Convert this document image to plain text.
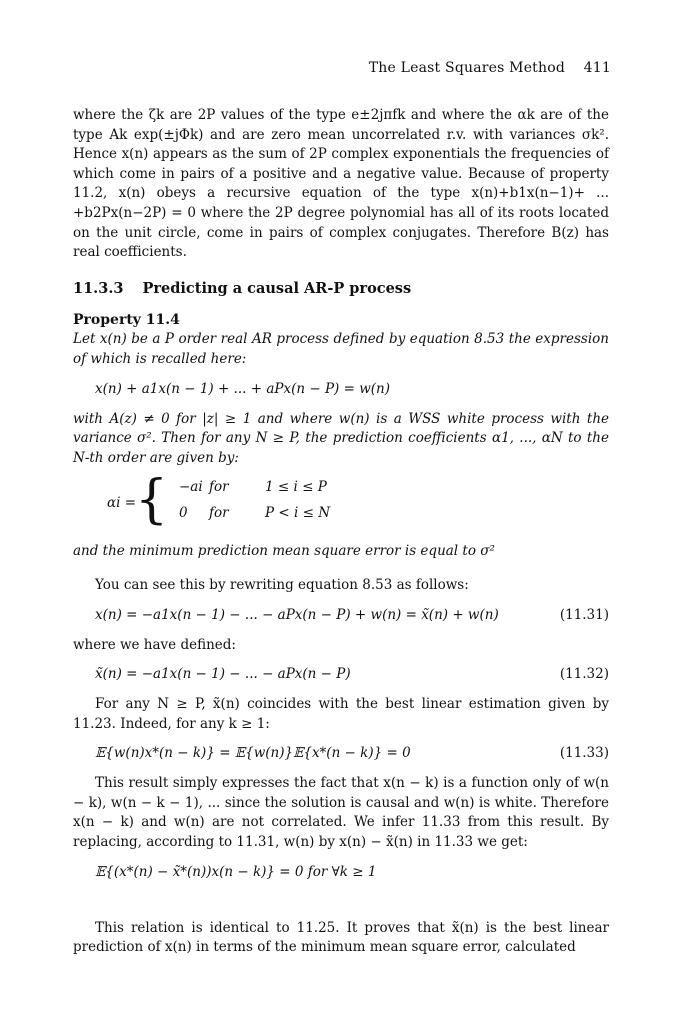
The Least Squares Method 411

where the ζk are 2P values of the type e±2jπfk and where the αk are of the type Ak exp(±jΦk) and are zero mean uncorrelated r.v. with variances σk². Hence x(n) appears as the sum of 2P complex exponentials the frequencies of which come in pairs of a positive and a negative value. Because of property 11.2, x(n) obeys a recursive equation of the type x(n)+b1x(n−1)+ ... +b2Px(n−2P) = 0 where the 2P degree polynomial has all of its roots located on the unit circle, come in pairs of complex conjugates. Therefore B(z) has real coefficients.

11.3.3 Predicting a causal AR-P process

Property 11.4

Let x(n) be a P order real AR process defined by equation 8.53 the expression of which is recalled here:

x(n) + a1x(n − 1) + ... + aPx(n − P) = w(n)

with A(z) ≠ 0 for |z| ≥ 1 and where w(n) is a WSS white process with the variance σ². Then for any N ≥ P, the prediction coefficients α1, ..., αN to the N-th order are given by:

αi =
{ −ai for	1 ≤ i ≤ P
0 for	P < i ≤ N

and the minimum prediction mean square error is equal to σ²

You can see this by rewriting equation 8.53 as follows:

x(n) = −a1x(n − 1) − ... − aPx(n − P) + w(n) = x̃(n) + w(n)	(11.31)

where we have defined:

x̃(n) = −a1x(n − 1) − ... − aPx(n − P)	(11.32)

For any N ≥ P, x̃(n) coincides with the best linear estimation given by 11.23. Indeed, for any k ≥ 1:

𝔼{w(n)x*(n − k)} = 𝔼{w(n)}𝔼{x*(n − k)} = 0	(11.33)

This result simply expresses the fact that x(n − k) is a function only of w(n − k), w(n − k − 1), ... since the solution is causal and w(n) is white. Therefore x(n − k) and w(n) are not correlated. We infer 11.33 from this result. By replacing, according to 11.31, w(n) by x(n) − x̃(n) in 11.33 we get:

𝔼{(x*(n) − x̃*(n))x(n − k)} = 0 for ∀k ≥ 1

This relation is identical to 11.25. It proves that x̃(n) is the best linear prediction of x(n) in terms of the minimum mean square error, calculated
